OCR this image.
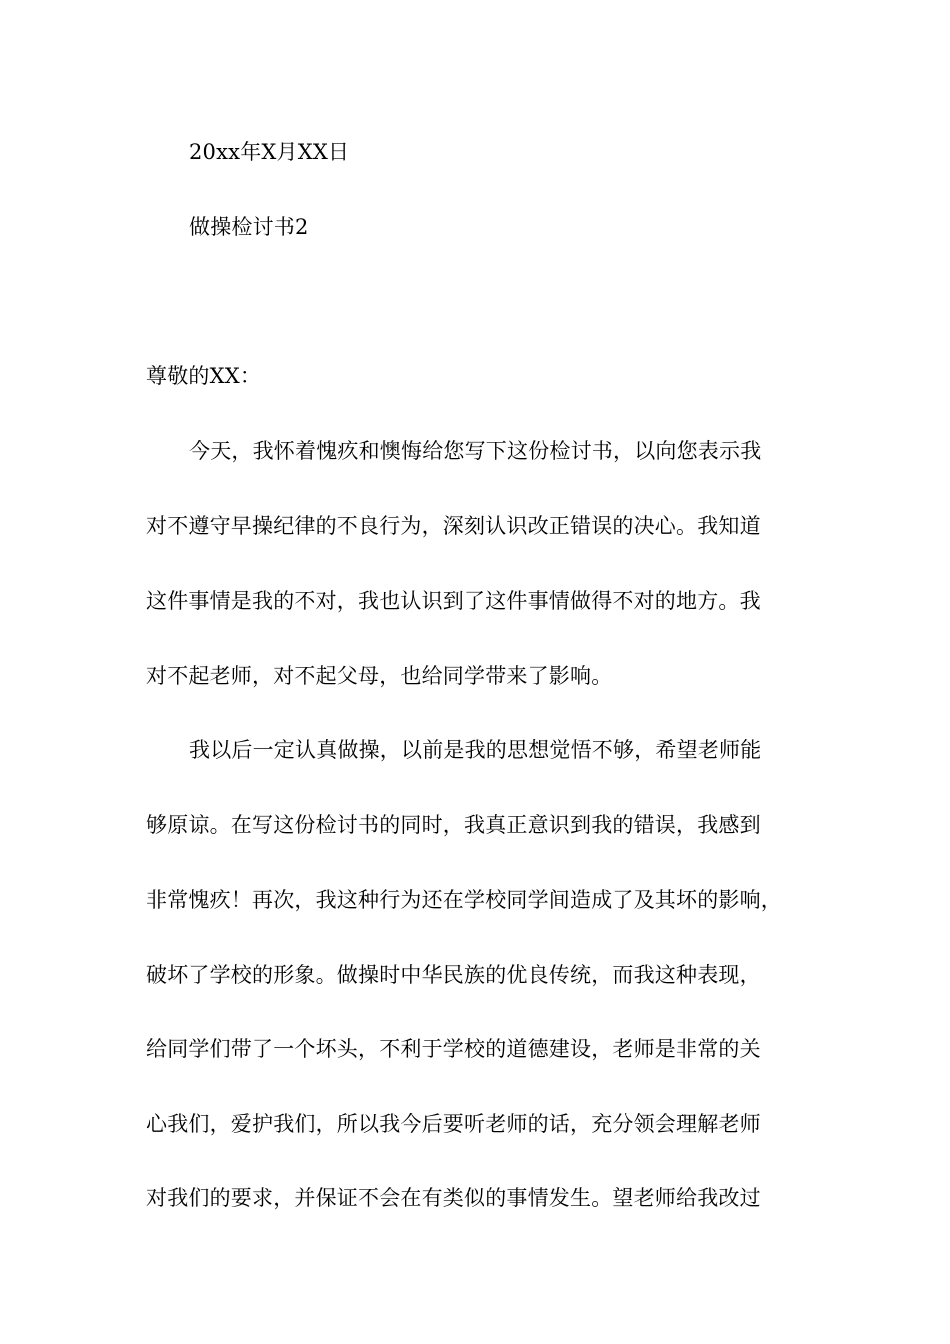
20xx年X月XX日
做操检讨书2
尊敬的XX：
今天，我怀着愧疚和懊悔给您写下这份检讨书，以向您表示我
对不遵守早操纪律的不良行为，深刻认识改正错误的决心。我知道
这件事情是我的不对，我也认识到了这件事情做得不对的地方。我
对不起老师，对不起父母，也给同学带来了影响。
我以后一定认真做操，以前是我的思想觉悟不够，希望老师能
够原谅。在写这份检讨书的同时，我真正意识到我的错误，我感到
非常愧疚！再次，我这种行为还在学校同学间造成了及其坏的影响，
破坏了学校的形象。做操时中华民族的优良传统，而我这种表现，
给同学们带了一个坏头，不利于学校的道德建设，老师是非常的关
心我们，爱护我们，所以我今后要听老师的话，充分领会理解老师
对我们的要求，并保证不会在有类似的事情发生。望老师给我改过
